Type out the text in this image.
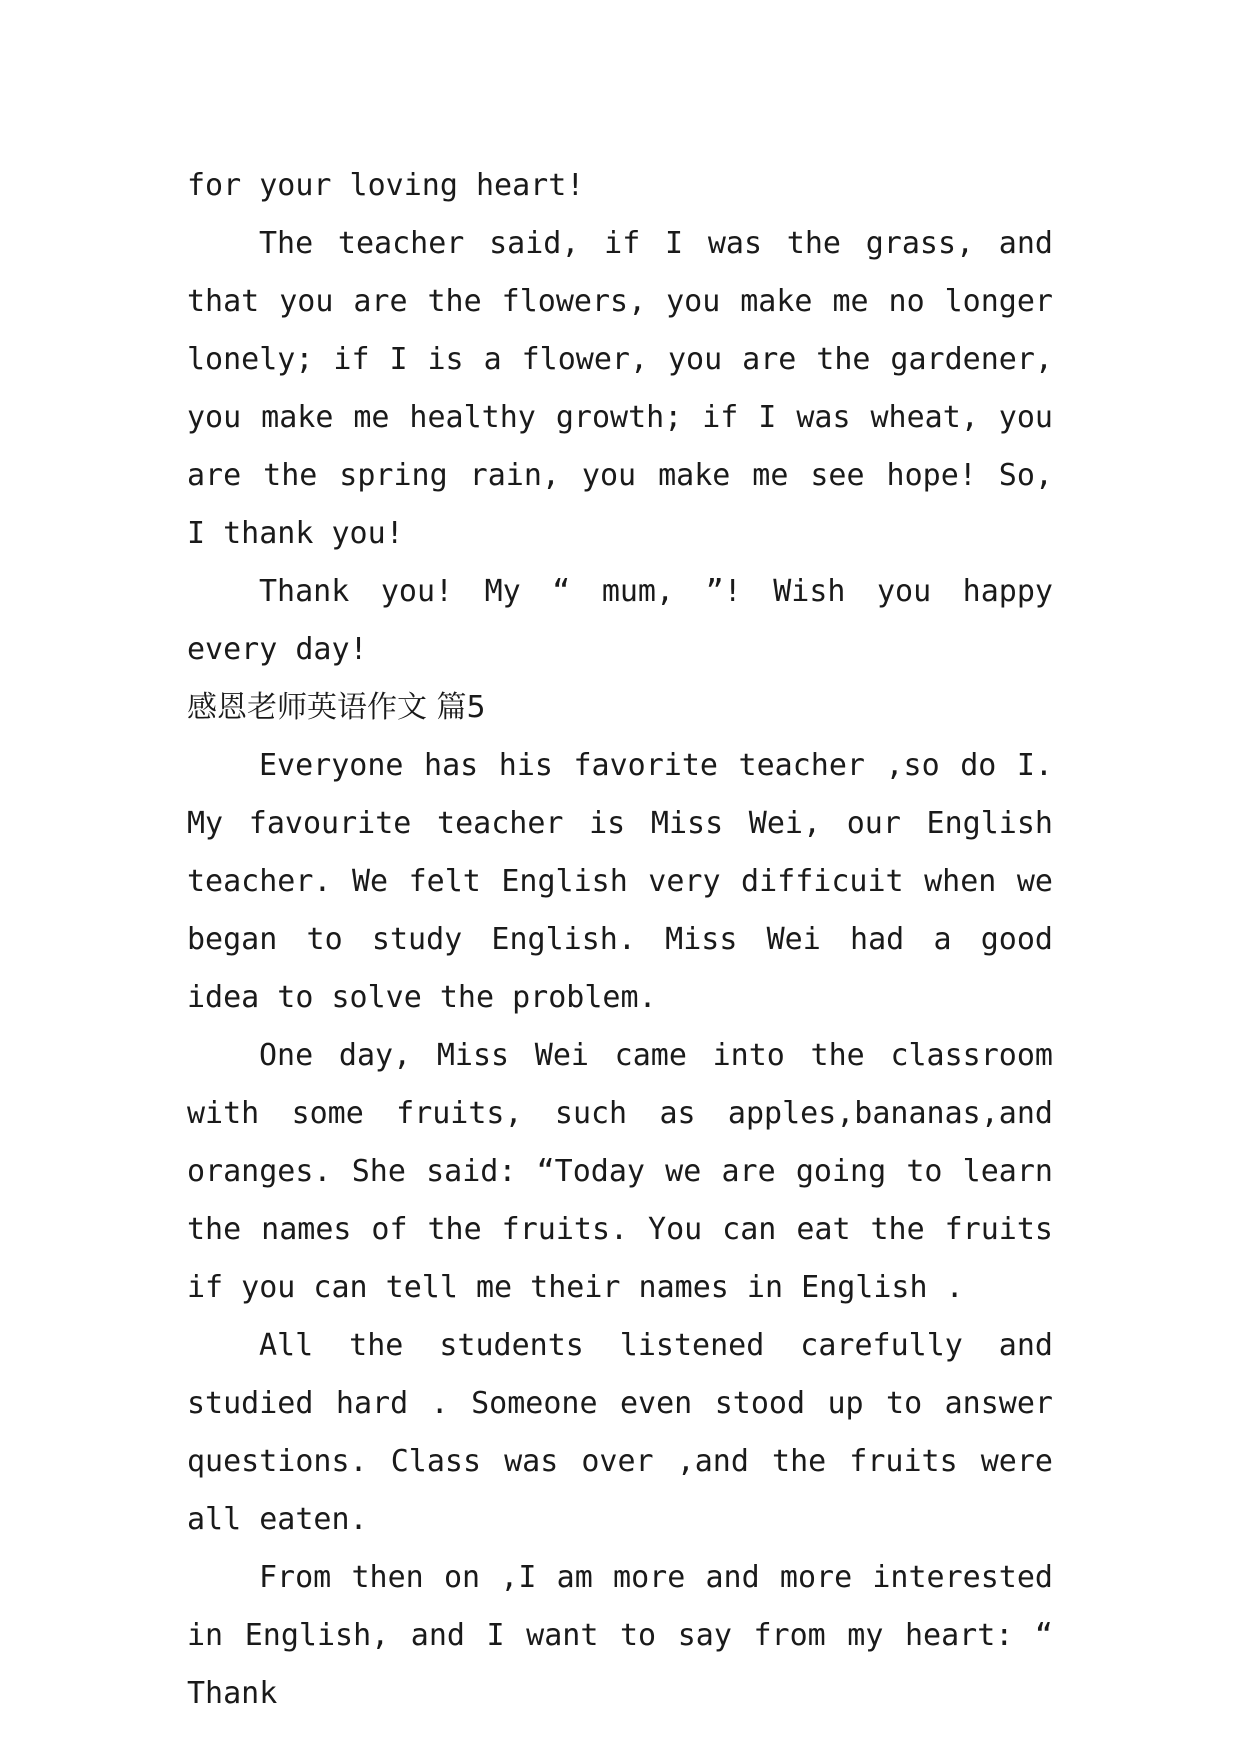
for your loving heart!

The teacher said, if I was the grass, and that you are the flowers, you make me no longer lonely; if I is a flower, you are the gardener, you make me healthy growth; if I was wheat, you are the spring rain, you make me see hope! So, I thank you!

Thank you! My “ mum, ”! Wish you happy every day!

感恩老师英语作文 篇5

Everyone has his favorite teacher ,so do I. My favourite teacher is Miss Wei, our English teacher. We felt English very difficuit when we began to study English. Miss Wei had a good idea to solve the problem.

One day, Miss Wei came into the classroom with some fruits, such as apples,bananas,and oranges. She said: “Today we are going to learn the names of the fruits. You can eat the fruits if you can tell me their names in English .

All the students listened carefully and studied hard . Someone even stood up to answer questions. Class was over ,and the fruits were all eaten.

From then on ,I am more and more interested in English, and I want to say from my heart: “ Thank
